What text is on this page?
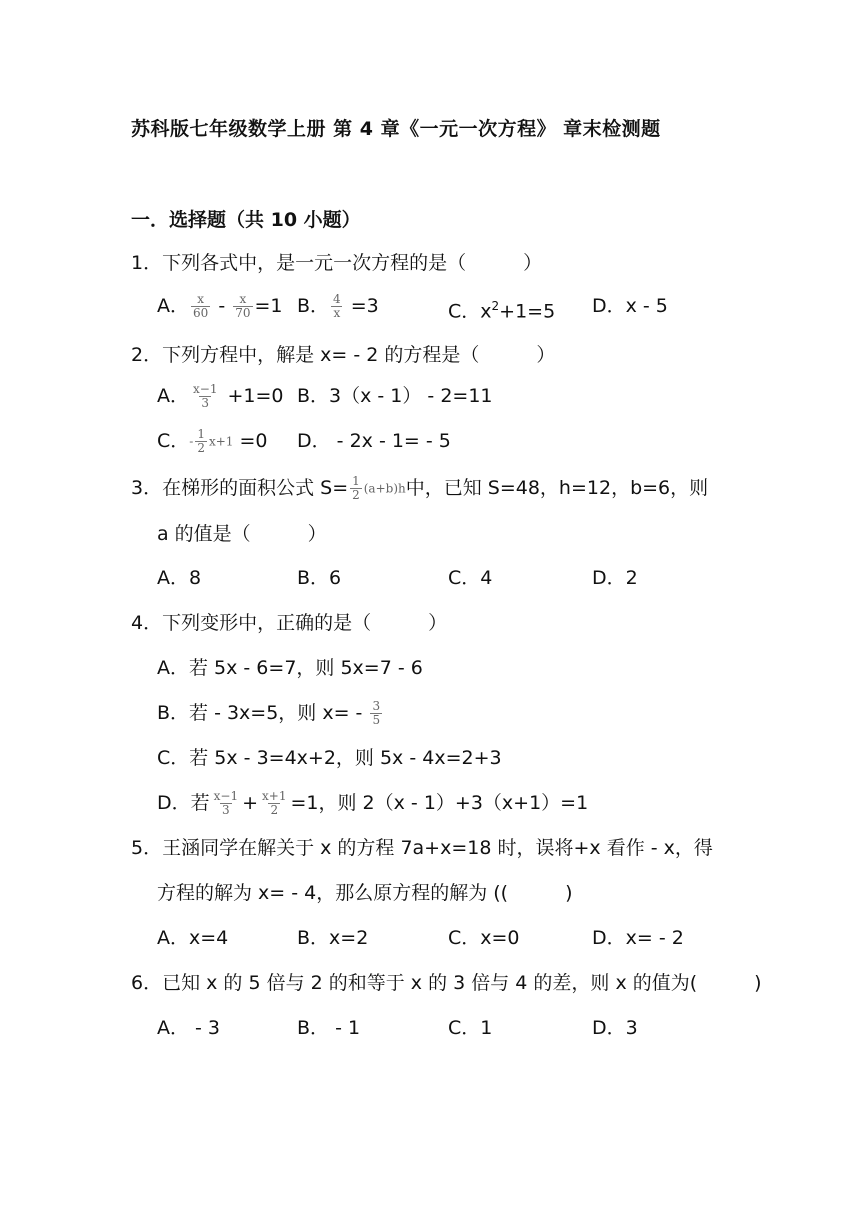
苏科版七年级数学上册 第 4 章《一元一次方程》 章末检测题
一．选择题（共 10 小题）
1．下列各式中，是一元一次方程的是（　　　）
A． $\frac{x}{60} - \frac{x}{70} =1$ B． $\frac{4}{x} =3$	C．$x^2+1=5$ D．x - 5
2．下列方程中，解是 x= - 2 的方程是（　　　）
A． $\frac{x-1}{3} +1=0$ B．3（x - 1） - 2=11
C．- $\frac{1}{2} x+1 =0$ D． - 2x - 1= - 5
3．在梯形的面积公式 $S= \frac{1}{2} (a+b)h$中，已知 S=48，h=12，b=6，则
a 的值是（　　　）
A．8	B．6	C．4	D．2
4．下列变形中，正确的是（　　　）
A．若 5x - 6=7，则 5x=7 - 6
B．若 - 3x=5，则 $x= - \frac{3}{5}$
C．若 5x - 3=4x+2，则 5x - 4x=2+3
D．若 $\frac{x-1}{3} + \frac{x+1}{2} =1$，则 2（x - 1）+3（x+1）=1
5．王涵同学在解关于 x 的方程 7a+x=18 时，误将+x 看作 - x，得
方程的解为 x= - 4，那么原方程的解为 ((　　　)
A．x=4	B．x=2	C．x=0	D．x= - 2
6．已知 x 的 5 倍与 2 的和等于 x 的 3 倍与 4 的差，则 x 的值为(　　　)
A． - 3	B． - 1	C．1	D．3
